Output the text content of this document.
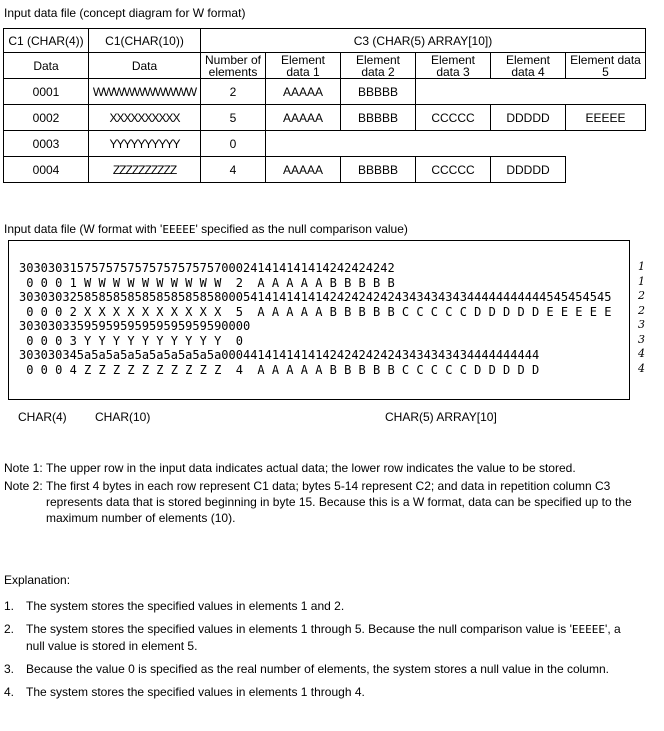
Input data file (concept diagram for W format)
C1 (CHAR(4))	C1(CHAR(10))	C3 (CHAR(5) ARRAY[10])					
Data	Data	Number of elements	Element data 1	Element data 2	Element data 3	Element data 4	Element data 5
0001	WWWWWWWWWW	2	AAAAA	BBBBB			
0002	XXXXXXXXXX	5	AAAAA	BBBBB	CCCCC	DDDDD	EEEEE
0003	YYYYYYYYYY	0					
0004	ZZZZZZZZZZ	4	AAAAA	BBBBB	CCCCC	DDDDD	
Input data file (W format with 'EEEEE' specified as the null comparison value)
3030303157575757575757575757000241414141414242424242
0 0 0 1 W W W W W W W W W W  2  A A A A A B B B B B
3030303258585858585858585858000541414141414242424242434343434344444444444545454545
0 0 0 2 X X X X X X X X X X  5  A A A A A B B B B B C C C C C D D D D D E E E E E
30303033595959595959595959590000
0 0 0 3 Y Y Y Y Y Y Y Y Y Y  0
303030345a5a5a5a5a5a5a5a5a5a00044141414141424242424243434343434444444444
0 0 0 4 Z Z Z Z Z Z Z Z Z Z  4  A A A A A B B B B B C C C C C D D D D D
1
1
2
2
3
3
4
4
CHAR(4) CHAR(10)	CHAR(5) ARRAY[10]
Note 1: The upper row in the input data indicates actual data; the lower row indicates the value to be stored.
Note 2: The first 4 bytes in each row represent C1 data; bytes 5-14 represent C2; and data in repetition column C3 represents data that is stored beginning in byte 15. Because this is a W format, data can be specified up to the maximum number of elements (10).
Explanation:
1. The system stores the specified values in elements 1 and 2.
2. The system stores the specified values in elements 1 through 5. Because the null comparison value is 'EEEEE', a null value is stored in element 5.
3. Because the value 0 is specified as the real number of elements, the system stores a null value in the column.
4. The system stores the specified values in elements 1 through 4.
